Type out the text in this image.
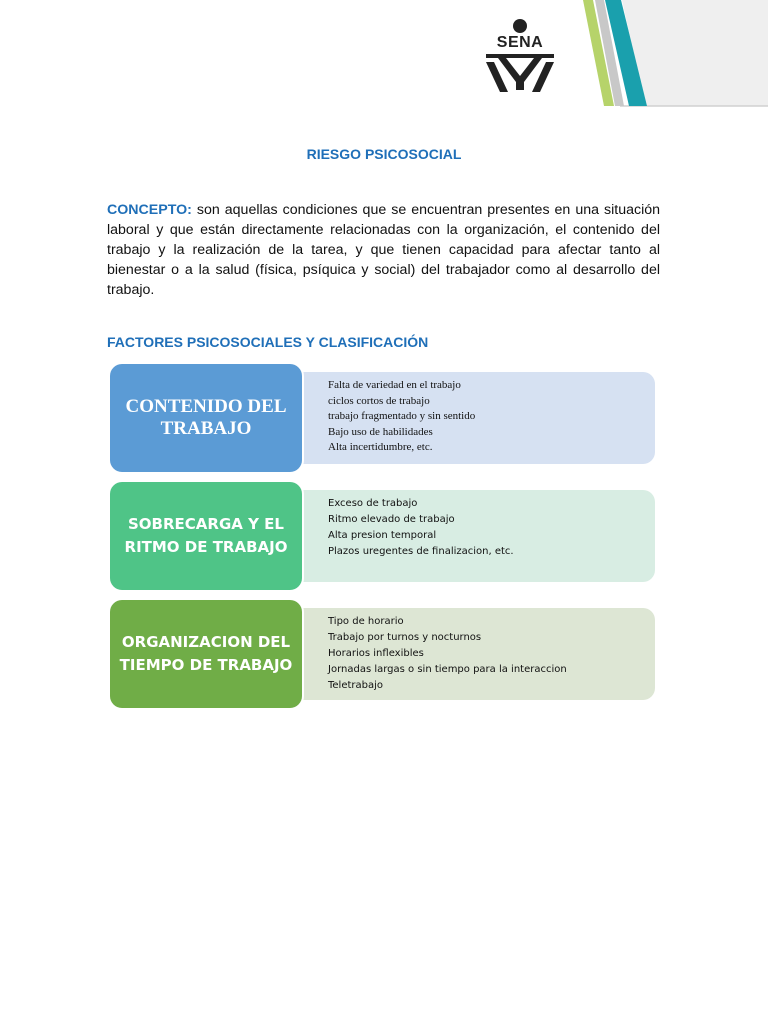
SENA
RIESGO PSICOSOCIAL
CONCEPTO: son aquellas condiciones que se encuentran presentes en una situación laboral y que están directamente relacionadas con la organización, el contenido del trabajo y la realización de la tarea, y que tienen capacidad para afectar tanto al bienestar o a la salud (física, psíquica y social) del trabajador como al desarrollo del trabajo.
FACTORES PSICOSOCIALES Y CLASIFICACIÓN
Falta de variedad en el trabajo
ciclos cortos de trabajo
trabajo fragmentado y sin sentido
Bajo uso de habilidades
Alta incertidumbre, etc.
CONTENIDO DEL TRABAJO
Exceso de trabajo
Ritmo elevado de trabajo
Alta presion temporal
Plazos uregentes de finalizacion, etc.
SOBRECARGA Y EL RITMO DE TRABAJO
Tipo de horario
Trabajo por turnos y nocturnos
Horarios inflexibles
Jornadas largas o sin tiempo para la interaccion
Teletrabajo
ORGANIZACION DEL TIEMPO DE TRABAJO
